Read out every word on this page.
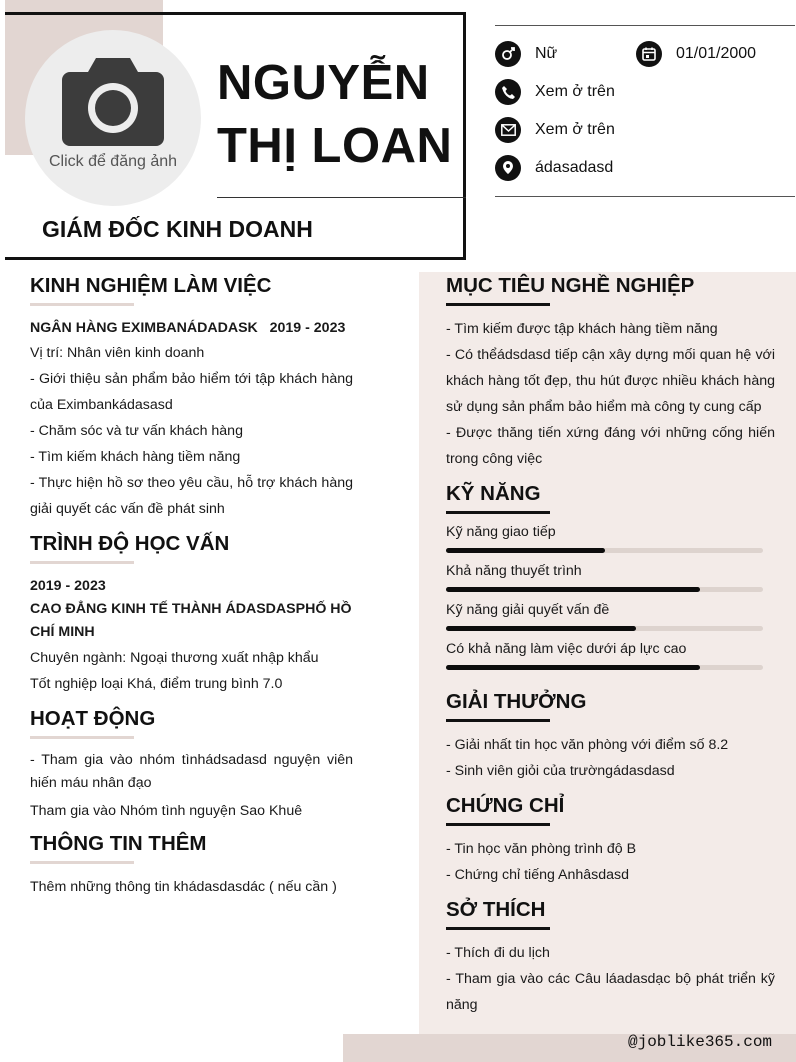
Click để đăng ảnh
NGUYỄN
THỊ LOAN
GIÁM ĐỐC KINH DOANH
Nữ	01/01/2000
Xem ở trên
Xem ở trên
ádasadasd
@joblike365.com
KINH NGHIỆM LÀM VIỆC
NGÂN HÀNG EXIMBANÁDADASK 2019 - 2023
Vị trí: Nhân viên kinh doanh
- Giới thiệu sản phẩm bảo hiểm tới tập khách hàng của Eximbankádasasd
- Chăm sóc và tư vấn khách hàng
- Tìm kiếm khách hàng tiềm năng
- Thực hiện hồ sơ theo yêu cầu, hỗ trợ khách hàng giải quyết các vấn đề phát sinh
TRÌNH ĐỘ HỌC VẤN
2019 - 2023
CAO ĐẲNG KINH TẾ THÀNH ÁDASDASPHỐ HỒ CHÍ MINH
Chuyên ngành: Ngoại thương xuất nhập khẩu
Tốt nghiệp loại Khá, điểm trung bình 7.0
HOẠT ĐỘNG
- Tham gia vào nhóm tìnhádsadasd nguyện viên hiến máu nhân đạo
Tham gia vào Nhóm tình nguyện Sao Khuê
THÔNG TIN THÊM
Thêm những thông tin khádasdasdác ( nếu cần )
MỤC TIÊU NGHỀ NGHIỆP
- Tìm kiếm được tập khách hàng tiềm năng
- Có thểádsdasd tiếp cận xây dựng mối quan hệ với khách hàng tốt đẹp, thu hút được nhiều khách hàng sử dụng sản phẩm bảo hiểm mà công ty cung cấp
- Được thăng tiến xứng đáng với những cống hiến trong công việc
KỸ NĂNG
Kỹ năng giao tiếp
Khả năng thuyết trình
Kỹ năng giải quyết vấn đề
Có khả năng làm việc dưới áp lực cao
GIẢI THƯỞNG
- Giải nhất tin học văn phòng với điểm số 8.2
- Sinh viên giỏi của trườngádasdasd
CHỨNG CHỈ
- Tin học văn phòng trình độ B
- Chứng chỉ tiếng Anhâsdasd
SỞ THÍCH
- Thích đi du lịch
- Tham gia vào các Câu láadasdạc bộ phát triển kỹ năng
